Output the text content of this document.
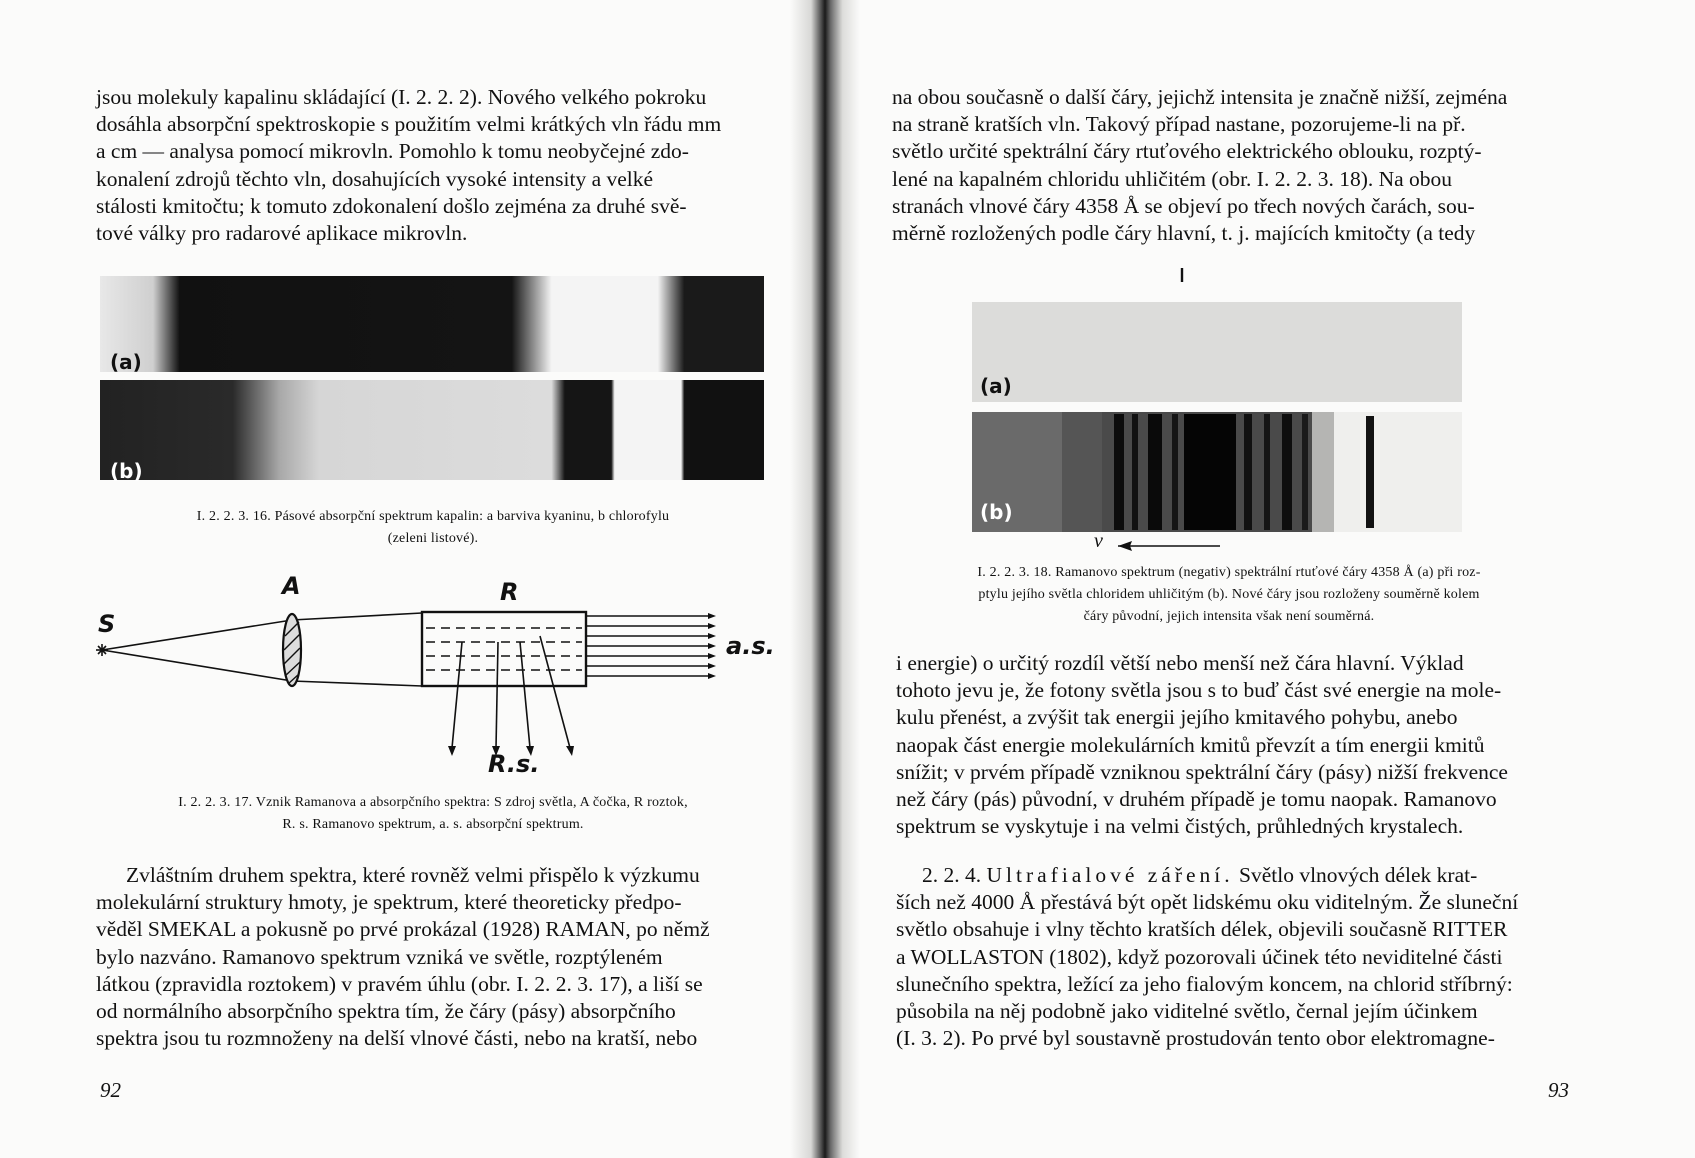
jsou molekuly kapalinu skládající (I. 2. 2. 2). Nového velkého pokroku

dosáhla absorpční spektroskopie s použitím velmi krátkých vln řádu mm

a cm — analysa pomocí mikrovln. Pomohlo k tomu neobyčejné zdo-

konalení zdrojů těchto vln, dosahujících vysoké intensity a velké

stálosti kmitočtu; k tomuto zdokonalení došlo zejména za druhé svě-

tové války pro radarové aplikace mikrovln.

(a)
(b)
I. 2. 2. 3. 16. Pásové absorpční spektrum kapalin: a barviva kyaninu, b chlorofylu
(zeleni listové).
S
A	R
a.s.
R.s.
I. 2. 2. 3. 17. Vznik Ramanova a absorpčního spektra: S zdroj světla, A čočka, R roztok,
R. s. Ramanovo spektrum, a. s. absorpční spektrum.

Zvláštním druhem spektra, které rovněž velmi přispělo k výzkumu

molekulární struktury hmoty, je spektrum, které theoreticky předpo-

věděl SMEKAL a pokusně po prvé prokázal (1928) RAMAN, po němž

bylo nazváno. Ramanovo spektrum vzniká ve světle, rozptýleném

látkou (zpravidla roztokem) v pravém úhlu (obr. I. 2. 2. 3. 17), a liší se

od normálního absorpčního spektra tím, že čáry (pásy) absorpčního

spektra jsou tu rozmnoženy na delší vlnové části, nebo na kratší, nebo

92

na obou současně o další čáry, jejichž intensita je značně nižší, zejména

na straně kratších vln. Takový případ nastane, pozorujeme-li na př.

světlo určité spektrální čáry rtuťového elektrického oblouku, rozptý-

lené na kapalném chloridu uhličitém (obr. I. 2. 2. 3. 18). Na obou

stranách vlnové čáry 4358 Å se objeví po třech nových čarách, sou-

měrně rozložených podle čáry hlavní, t. j. majících kmitočty (a tedy

(a)
(b)
ν
I. 2. 2. 3. 18. Ramanovo spektrum (negativ) spektrální rtuťové čáry 4358 Å (a) při roz-
ptylu jejího světla chloridem uhličitým (b). Nové čáry jsou rozloženy souměrně kolem
čáry původní, jejich intensita však není souměrná.

i energie) o určitý rozdíl větší nebo menší než čára hlavní. Výklad

tohoto jevu je, že fotony světla jsou s to buď část své energie na mole-

kulu přenést, a zvýšit tak energii jejího kmitavého pohybu, anebo

naopak část energie molekulárních kmitů převzít a tím energii kmitů

snížit; v prvém případě vzniknou spektrální čáry (pásy) nižší frekvence

než čáry (pás) původní, v druhém případě je tomu naopak. Ramanovo

spektrum se vyskytuje i na velmi čistých, průhledných krystalech.

2. 2. 4. Ultrafialové záření. Světlo vlnových délek krat-

ších než 4000 Å přestává být opět lidskému oku viditelným. Že sluneční

světlo obsahuje i vlny těchto kratších délek, objevili současně RITTER

a WOLLASTON (1802), když pozorovali účinek této neviditelné části

slunečního spektra, ležící za jeho fialovým koncem, na chlorid stříbrný:

působila na něj podobně jako viditelné světlo, černal jejím účinkem

(I. 3. 2). Po prvé byl soustavně prostudován tento obor elektromagne-

93
